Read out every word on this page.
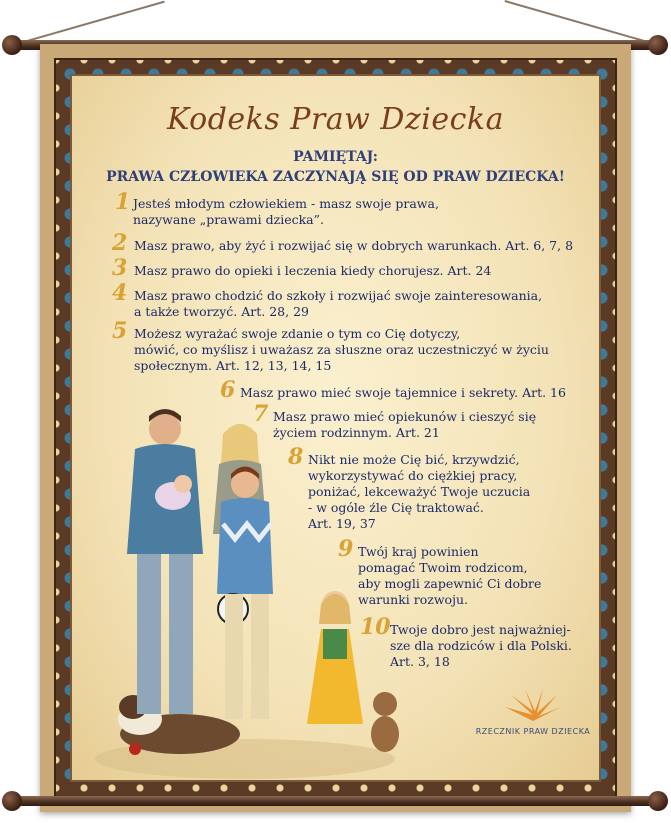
Kodeks Praw Dziecka
PAMIĘTAJ:
PRAWA CZŁOWIEKA ZACZYNAJĄ SIĘ OD PRAW DZIECKA!
1 Jesteś młodym człowiekiem - masz swoje prawa,
nazywane „prawami dziecka”.
2 Masz prawo, aby żyć i rozwijać się w dobrych warunkach. Art. 6, 7, 8
3 Masz prawo do opieki i leczenia kiedy chorujesz. Art. 24
4 Masz prawo chodzić do szkoły i rozwijać swoje zainteresowania,
a także tworzyć. Art. 28, 29
5 Możesz wyrażać swoje zdanie o tym co Cię dotyczy,
mówić, co myślisz i uważasz za słuszne oraz uczestniczyć w życiu
społecznym. Art. 12, 13, 14, 15
6 Masz prawo mieć swoje tajemnice i sekrety. Art. 16
7 Masz prawo mieć opiekunów i cieszyć się
życiem rodzinnym. Art. 21
8 Nikt nie może Cię bić, krzywdzić,
wykorzystywać do ciężkiej pracy,
poniżać, lekceważyć Twoje uczucia
- w ogóle źle Cię traktować.
Art. 19, 37
9 Twój kraj powinien
pomagać Twoim rodzicom,
aby mogli zapewnić Ci dobre
warunki rozwoju.
10 Twoje dobro jest najważniej-
sze dla rodziców i dla Polski.
Art. 3, 18
RZECZNIK PRAW DZIECKA
